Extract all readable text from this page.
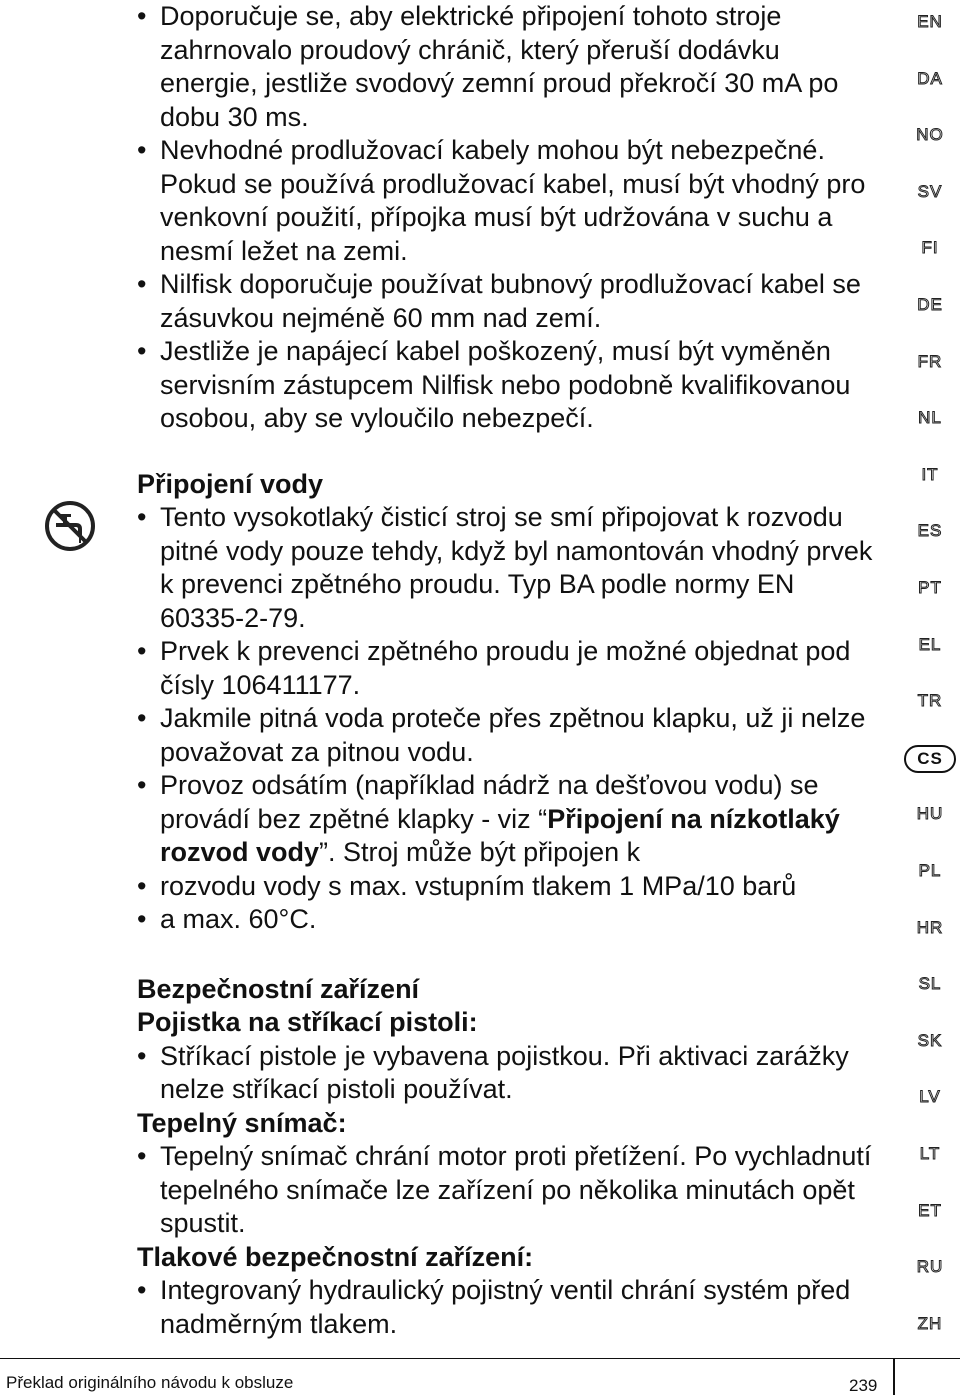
• Doporučuje se, aby elektrické připojení tohoto stroje zahrnovalo proudový chránič, který přeruší dodávku energie, jestliže svodový zemní proud překročí 30 mA po dobu 30 ms.
• Nevhodné prodlužovací kabely mohou být nebezpečné. Pokud se používá prodlužovací kabel, musí být vhodný pro venkovní použití, přípojka musí být udržována v suchu a nesmí ležet na zemi.
• Nilfisk doporučuje používat bubnový prodlužovací kabel se zásuvkou nejméně 60 mm nad zemí.
• Jestliže je napájecí kabel poškozený, musí být vyměněn servisním zástupcem Nilfisk nebo podobně kvalifikovanou osobou, aby se vyloučilo nebezpečí.
Připojení vody
• Tento vysokotlaký čisticí stroj se smí připojovat k rozvodu pitné vody pouze tehdy, když byl namontován vhodný prvek k prevenci zpětného proudu. Typ BA podle normy EN 60335-2-79.
• Prvek k prevenci zpětného proudu je možné objednat pod čísly 106411177.
• Jakmile pitná voda proteče přes zpětnou klapku, už ji nelze považovat za pitnou vodu.
• Provoz odsátím (například nádrž na dešťovou vodu) se provádí bez zpětné klapky - viz “Připojení na nízkotlaký rozvod vody”. Stroj může být připojen k
• rozvodu vody s max. vstupním tlakem 1 MPa/10 barů
• a max. 60°C.
Bezpečnostní zařízení

Pojistka na stříkací pistoli:

• Stříkací pistole je vybavena pojistkou. Při aktivaci zarážky nelze stříkací pistoli používat.

Tepelný snímač:

• Tepelný snímač chrání motor proti přetížení. Po vychladnutí tepelného snímače lze zařízení po několika minutách opět spustit.

Tlakové bezpečnostní zařízení:

• Integrovaný hydraulický pojistný ventil chrání systém před nadměrným tlakem.
EN
DA
NO
SV
FI
DE
FR
NL
IT
ES
PT
EL
TR
CS
HU
PL
HR
SL
SK
LV
LT
ET
RU
ZH
Překlad originálního návodu k obsluze	239
